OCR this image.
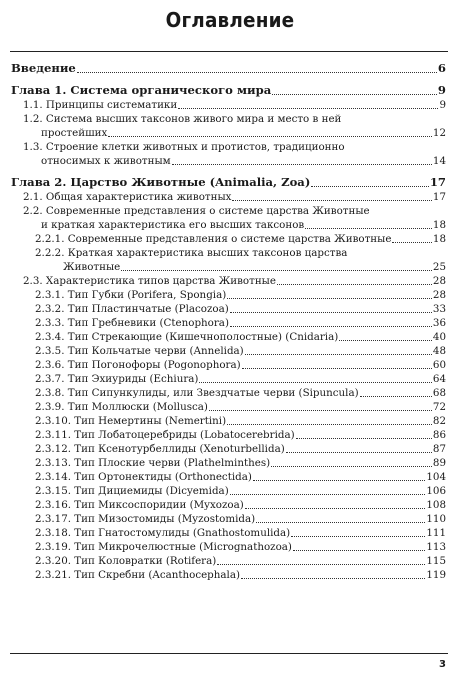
Оглавление
Введение	6
Глава 1. Система органического мира	9
1.1. Принципы систематики	9
1.2. Система высших таксонов живого мира и место в ней
простейших	12
1.3. Строение клетки животных и протистов, традиционно
относимых к животным	14
Глава 2. Царство Животные (Animalia, Zoa)	17
2.1. Общая характеристика животных	17
2.2. Современные представления о системе царства Животные
и краткая характеристика его высших таксонов	18
2.2.1. Современные представления о системе царства Животные	18
2.2.2. Краткая характеристика высших таксонов царства
Животные	25
2.3. Характеристика типов царства Животные	28
2.3.1. Тип Губки (Porifera, Spongia)	28
2.3.2. Тип Пластинчатые (Placozoa)	33
2.3.3. Тип Гребневики (Ctenophora)	36
2.3.4. Тип Стрекающие (Кишечнополостные) (Cnidaria)	40
2.3.5. Тип Кольчатые черви (Annelida)	48
2.3.6. Тип Погонофоры (Pogonophora)	60
2.3.7. Тип Эхиуриды (Echiura)	64
2.3.8. Тип Сипункулиды, или Звездчатые черви (Sipuncula)	68
2.3.9. Тип Моллюски (Mollusca)	72
2.3.10. Тип Немертины (Nemertini)	82
2.3.11. Тип Лобатоцеребриды (Lobatocerebrida)	86
2.3.12. Тип Ксенотурбеллиды (Xenoturbellida)	87
2.3.13. Тип Плоские черви (Plathelminthes)	89
2.3.14. Тип Ортонектиды (Orthonectida)	104
2.3.15. Тип Дициемиды (Dicyemida)	106
2.3.16. Тип Миксоспоридии (Myxozoa)	108
2.3.17. Тип Мизостомиды (Myzostomida)	110
2.3.18. Тип Гнатостомулиды (Gnathostomulida)	111
2.3.19. Тип Микрочелюстные (Micrognathozoa)	113
2.3.20. Тип Коловратки (Rotifera)	115
2.3.21. Тип Скребни (Acanthocephala)	119
3
